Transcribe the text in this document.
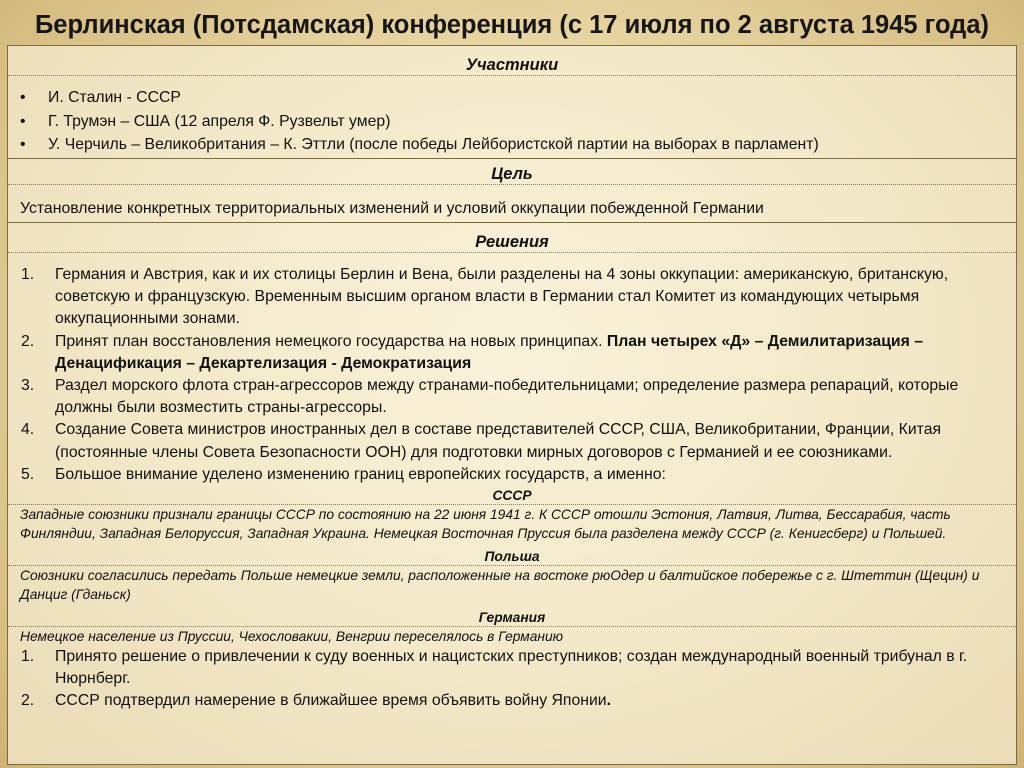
Берлинская (Потсдамская) конференция (с 17 июля по 2 августа 1945 года)
Участники
• И. Сталин - СССР
• Г. Трумэн – США (12 апреля Ф. Рузвельт умер)
• У. Черчиль – Великобритания – К. Эттли (после победы Лейбористской партии на выборах в парламент)
Цель
Установление конкретных территориальных изменений и условий оккупации побежденной Германии
Решения
1. Германия и Австрия, как и их столицы Берлин и Вена, были разделены на 4 зоны оккупации: американскую, британскую, советскую и французскую. Временным высшим органом власти в Германии стал Комитет из командующих четырьмя оккупационными зонами.
2. Принят план восстановления немецкого государства на новых принципах. План четырех «Д» – Демилитаризация – Денацификация – Декартелизация - Демократизация
3. Раздел морского флота стран-агрессоров между странами-победительницами; определение размера репараций, которые должны были возместить страны-агрессоры.
4. Создание Совета министров иностранных дел в составе представителей СССР, США, Великобритании, Франции, Китая (постоянные члены Совета Безопасности ООН) для подготовки мирных договоров с Германией и ее союзниками.
5. Большое внимание уделено изменению границ европейских государств, а именно:
СССР
Западные союзники признали границы СССР по состоянию на 22 июня 1941 г. К СССР отошли Эстония, Латвия, Литва, Бессарабия, часть Финляндии, Западная Белоруссия, Западная Украина. Немецкая Восточная Пруссия была разделена между СССР (г. Кенигсберг) и Польшей.
Польша
Союзники согласились передать Польше немецкие земли, расположенные на востоке рюОдер и балтийское побережье с г. Штеттин (Щецин) и Данциг (Гданьск)
Германия
Немецкое население из Пруссии, Чехословакии, Венгрии переселялось в Германию
1. Принято решение о привлечении к суду военных и нацистских преступников; создан международный военный трибунал в г. Нюрнберг.
2. СССР подтвердил намерение в ближайшее время объявить войну Японии.
